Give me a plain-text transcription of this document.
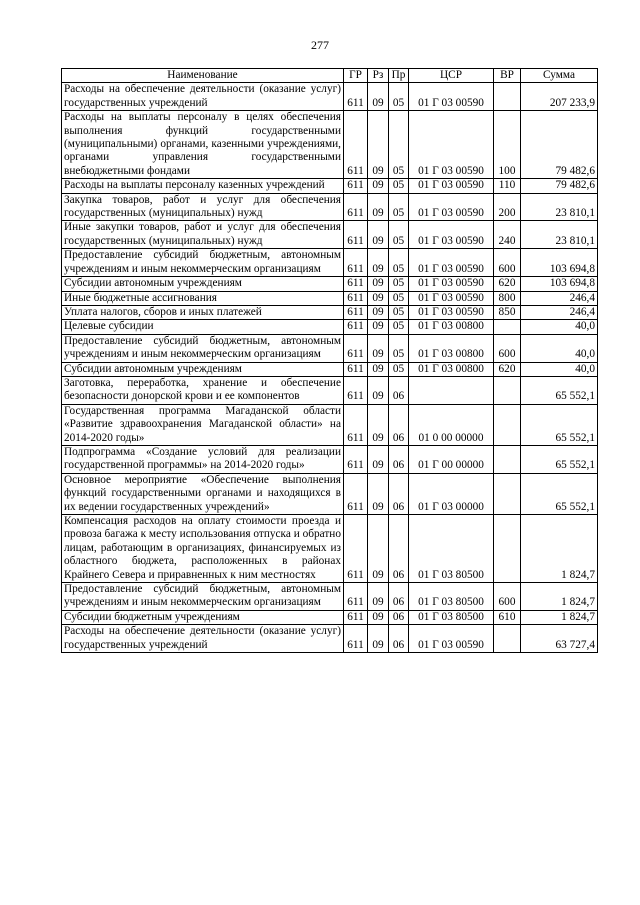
277
Наименование	ГР	Рз	Пр	ЦСР	ВР	Сумма
Расходы на обеспечение деятельности (оказание услуг) государственных учреждений	611	09	05	01 Г 03 00590		207 233,9
Расходы на выплаты персоналу в целях обеспечения выполнения функций государственными (муниципальными) органами, казенными учреждениями, органами управления государственными внебюджетными фондами	611	09	05	01 Г 03 00590	100	79 482,6
Расходы на выплаты персоналу казенных учреждений	611	09	05	01 Г 03 00590	110	79 482,6
Закупка товаров, работ и услуг для обеспечения государственных (муниципальных) нужд	611	09	05	01 Г 03 00590	200	23 810,1
Иные закупки товаров, работ и услуг для обеспечения государственных (муниципальных) нужд	611	09	05	01 Г 03 00590	240	23 810,1
Предоставление субсидий бюджетным, автономным учреждениям и иным некоммерческим организациям	611	09	05	01 Г 03 00590	600	103 694,8
Субсидии автономным учреждениям	611	09	05	01 Г 03 00590	620	103 694,8
Иные бюджетные ассигнования	611	09	05	01 Г 03 00590	800	246,4
Уплата налогов, сборов и иных платежей	611	09	05	01 Г 03 00590	850	246,4
Целевые субсидии	611	09	05	01 Г 03 00800		40,0
Предоставление субсидий бюджетным, автономным учреждениям и иным некоммерческим организациям	611	09	05	01 Г 03 00800	600	40,0
Субсидии автономным учреждениям	611	09	05	01 Г 03 00800	620	40,0
Заготовка, переработка, хранение и обеспечение безопасности донорской крови и ее компонентов	611	09	06			65 552,1
Государственная программа Магаданской области «Развитие здравоохранения Магаданской области» на 2014-2020 годы»	611	09	06	01 0 00 00000		65 552,1
Подпрограмма «Создание условий для реализации государственной программы» на 2014-2020 годы»	611	09	06	01 Г 00 00000		65 552,1
Основное мероприятие «Обеспечение выполнения функций государственными органами и находящихся в их ведении государственных учреждений»	611	09	06	01 Г 03 00000		65 552,1
Компенсация расходов на оплату стоимости проезда и провоза багажа к месту использования отпуска и обратно лицам, работающим в организациях, финансируемых из областного бюджета, расположенных в районах Крайнего Севера и приравненных к ним местностях	611	09	06	01 Г 03 80500		1 824,7
Предоставление субсидий бюджетным, автономным учреждениям и иным некоммерческим организациям	611	09	06	01 Г 03 80500	600	1 824,7
Субсидии бюджетным учреждениям	611	09	06	01 Г 03 80500	610	1 824,7
Расходы на обеспечение деятельности (оказание услуг) государственных учреждений	611	09	06	01 Г 03 00590		63 727,4
